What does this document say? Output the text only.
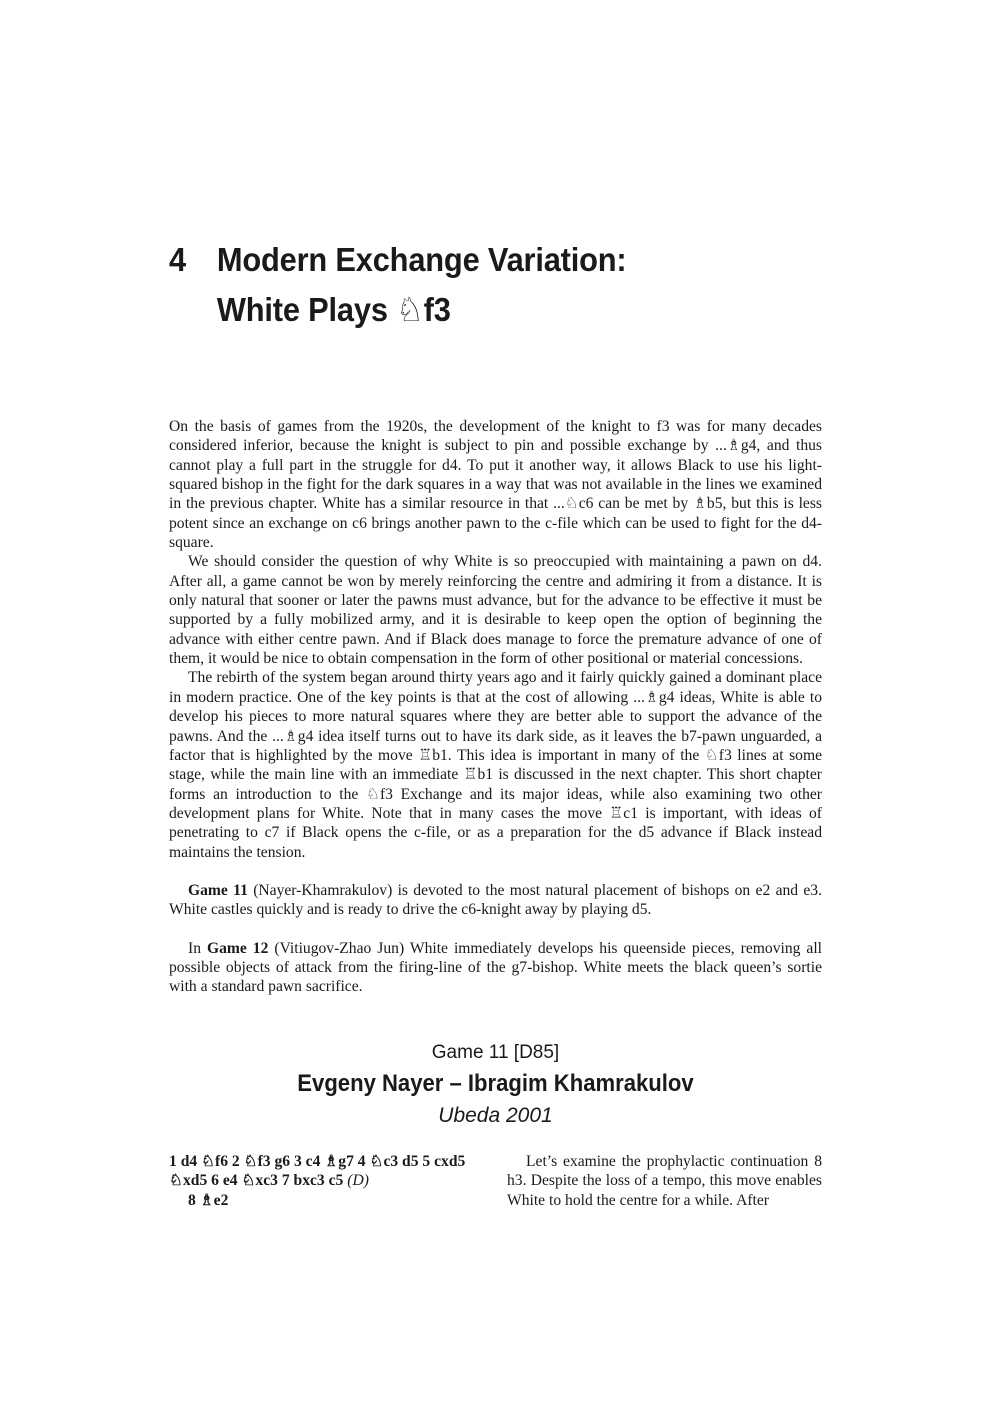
4 Modern Exchange Variation:
White Plays ♘f3

On the basis of games from the 1920s, the development of the knight to f3 was for many decades considered inferior, because the knight is subject to pin and possible exchange by ...♗g4, and thus cannot play a full part in the struggle for d4. To put it another way, it allows Black to use his light-squared bishop in the fight for the dark squares in a way that was not available in the lines we examined in the previous chapter. White has a similar resource in that ...♘c6 can be met by ♗b5, but this is less potent since an exchange on c6 brings another pawn to the c-file which can be used to fight for the d4-square.

We should consider the question of why White is so preoccupied with maintaining a pawn on d4. After all, a game cannot be won by merely reinforcing the centre and admiring it from a distance. It is only natural that sooner or later the pawns must advance, but for the advance to be effective it must be supported by a fully mobilized army, and it is desirable to keep open the option of beginning the advance with either centre pawn. And if Black does manage to force the premature advance of one of them, it would be nice to obtain compensation in the form of other positional or material concessions.

The rebirth of the system began around thirty years ago and it fairly quickly gained a dominant place in modern practice. One of the key points is that at the cost of allowing ...♗g4 ideas, White is able to develop his pieces to more natural squares where they are better able to support the advance of the pawns. And the ...♗g4 idea itself turns out to have its dark side, as it leaves the b7-pawn unguarded, a factor that is highlighted by the move ♖b1. This idea is important in many of the ♘f3 lines at some stage, while the main line with an immediate ♖b1 is discussed in the next chapter. This short chapter forms an introduction to the ♘f3 Exchange and its major ideas, while also examining two other development plans for White. Note that in many cases the move ♖c1 is important, with ideas of penetrating to c7 if Black opens the c-file, or as a preparation for the d5 advance if Black instead maintains the tension.

Game 11 (Nayer-Khamrakulov) is devoted to the most natural placement of bishops on e2 and e3. White castles quickly and is ready to drive the c6-knight away by playing d5.

In Game 12 (Vitiugov-Zhao Jun) White immediately develops his queenside pieces, removing all possible objects of attack from the firing-line of the g7-bishop. White meets the black queen’s sortie with a standard pawn sacrifice.

Game 11 [D85]

Evgeny Nayer – Ibragim Khamrakulov

Ubeda 2001

1 d4 ♘f6 2 ♘f3 g6 3 c4 ♗g7 4 ♘c3 d5 5 cxd5 ♘xd5 6 e4 ♘xc3 7 bxc3 c5 (D)

8 ♗e2

Let’s examine the prophylactic continuation 8 h3. Despite the loss of a tempo, this move enables White to hold the centre for a while. After
